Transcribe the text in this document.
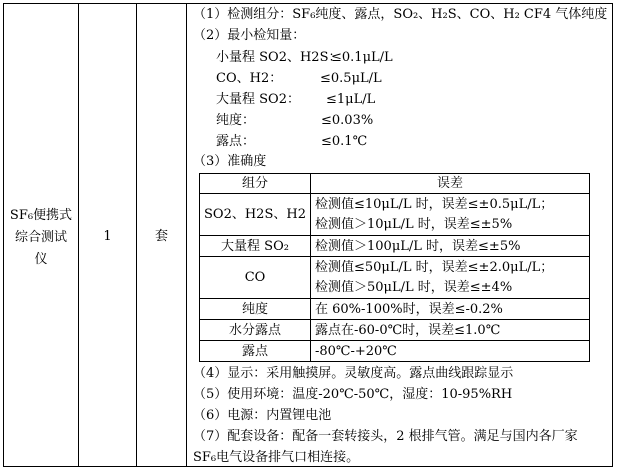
SF₆便携式
综合测试
仪
1	套
（1）检测组分：SF₆纯度、露点，SO₂、H₂S、CO、H₂ CF4 气体纯度
（2）最小检知量：
小量程 SO2、H2S：
≤0.1μL/L
CO、H2：	≤0.5μL/L
大量程 SO2： ≤1μL/L
纯度：	≤0.03%
露点：	≤0.1℃
（3）准确度
组分	误差
SO2、H2S、H2	检测值≤10μL/L 时，误差≤±0.5μL/L；
检测值＞10μL/L 时，误差≤±5%

大量程 SO₂	检测值＞100μL/L 时，误差≤±5%
CO	检测值≤50μL/L 时，误差≤±2.0μL/L；
检测值＞50μL/L 时，误差≤±4%

纯度	在 60%-100%时，误差≤-0.2%
水分露点	露点在-60-0℃时，误差≤1.0℃
露点	-80℃-+20℃
（4）显示：采用触摸屏。灵敏度高。露点曲线跟踪显示
（5）使用环境：温度-20℃-50℃，湿度：10-95%RH
（6）电源：内置锂电池
（7）配套设备：配备一套转接头，2 根排气管。满足与国内各厂家
SF₆电气设备排气口相连接。
